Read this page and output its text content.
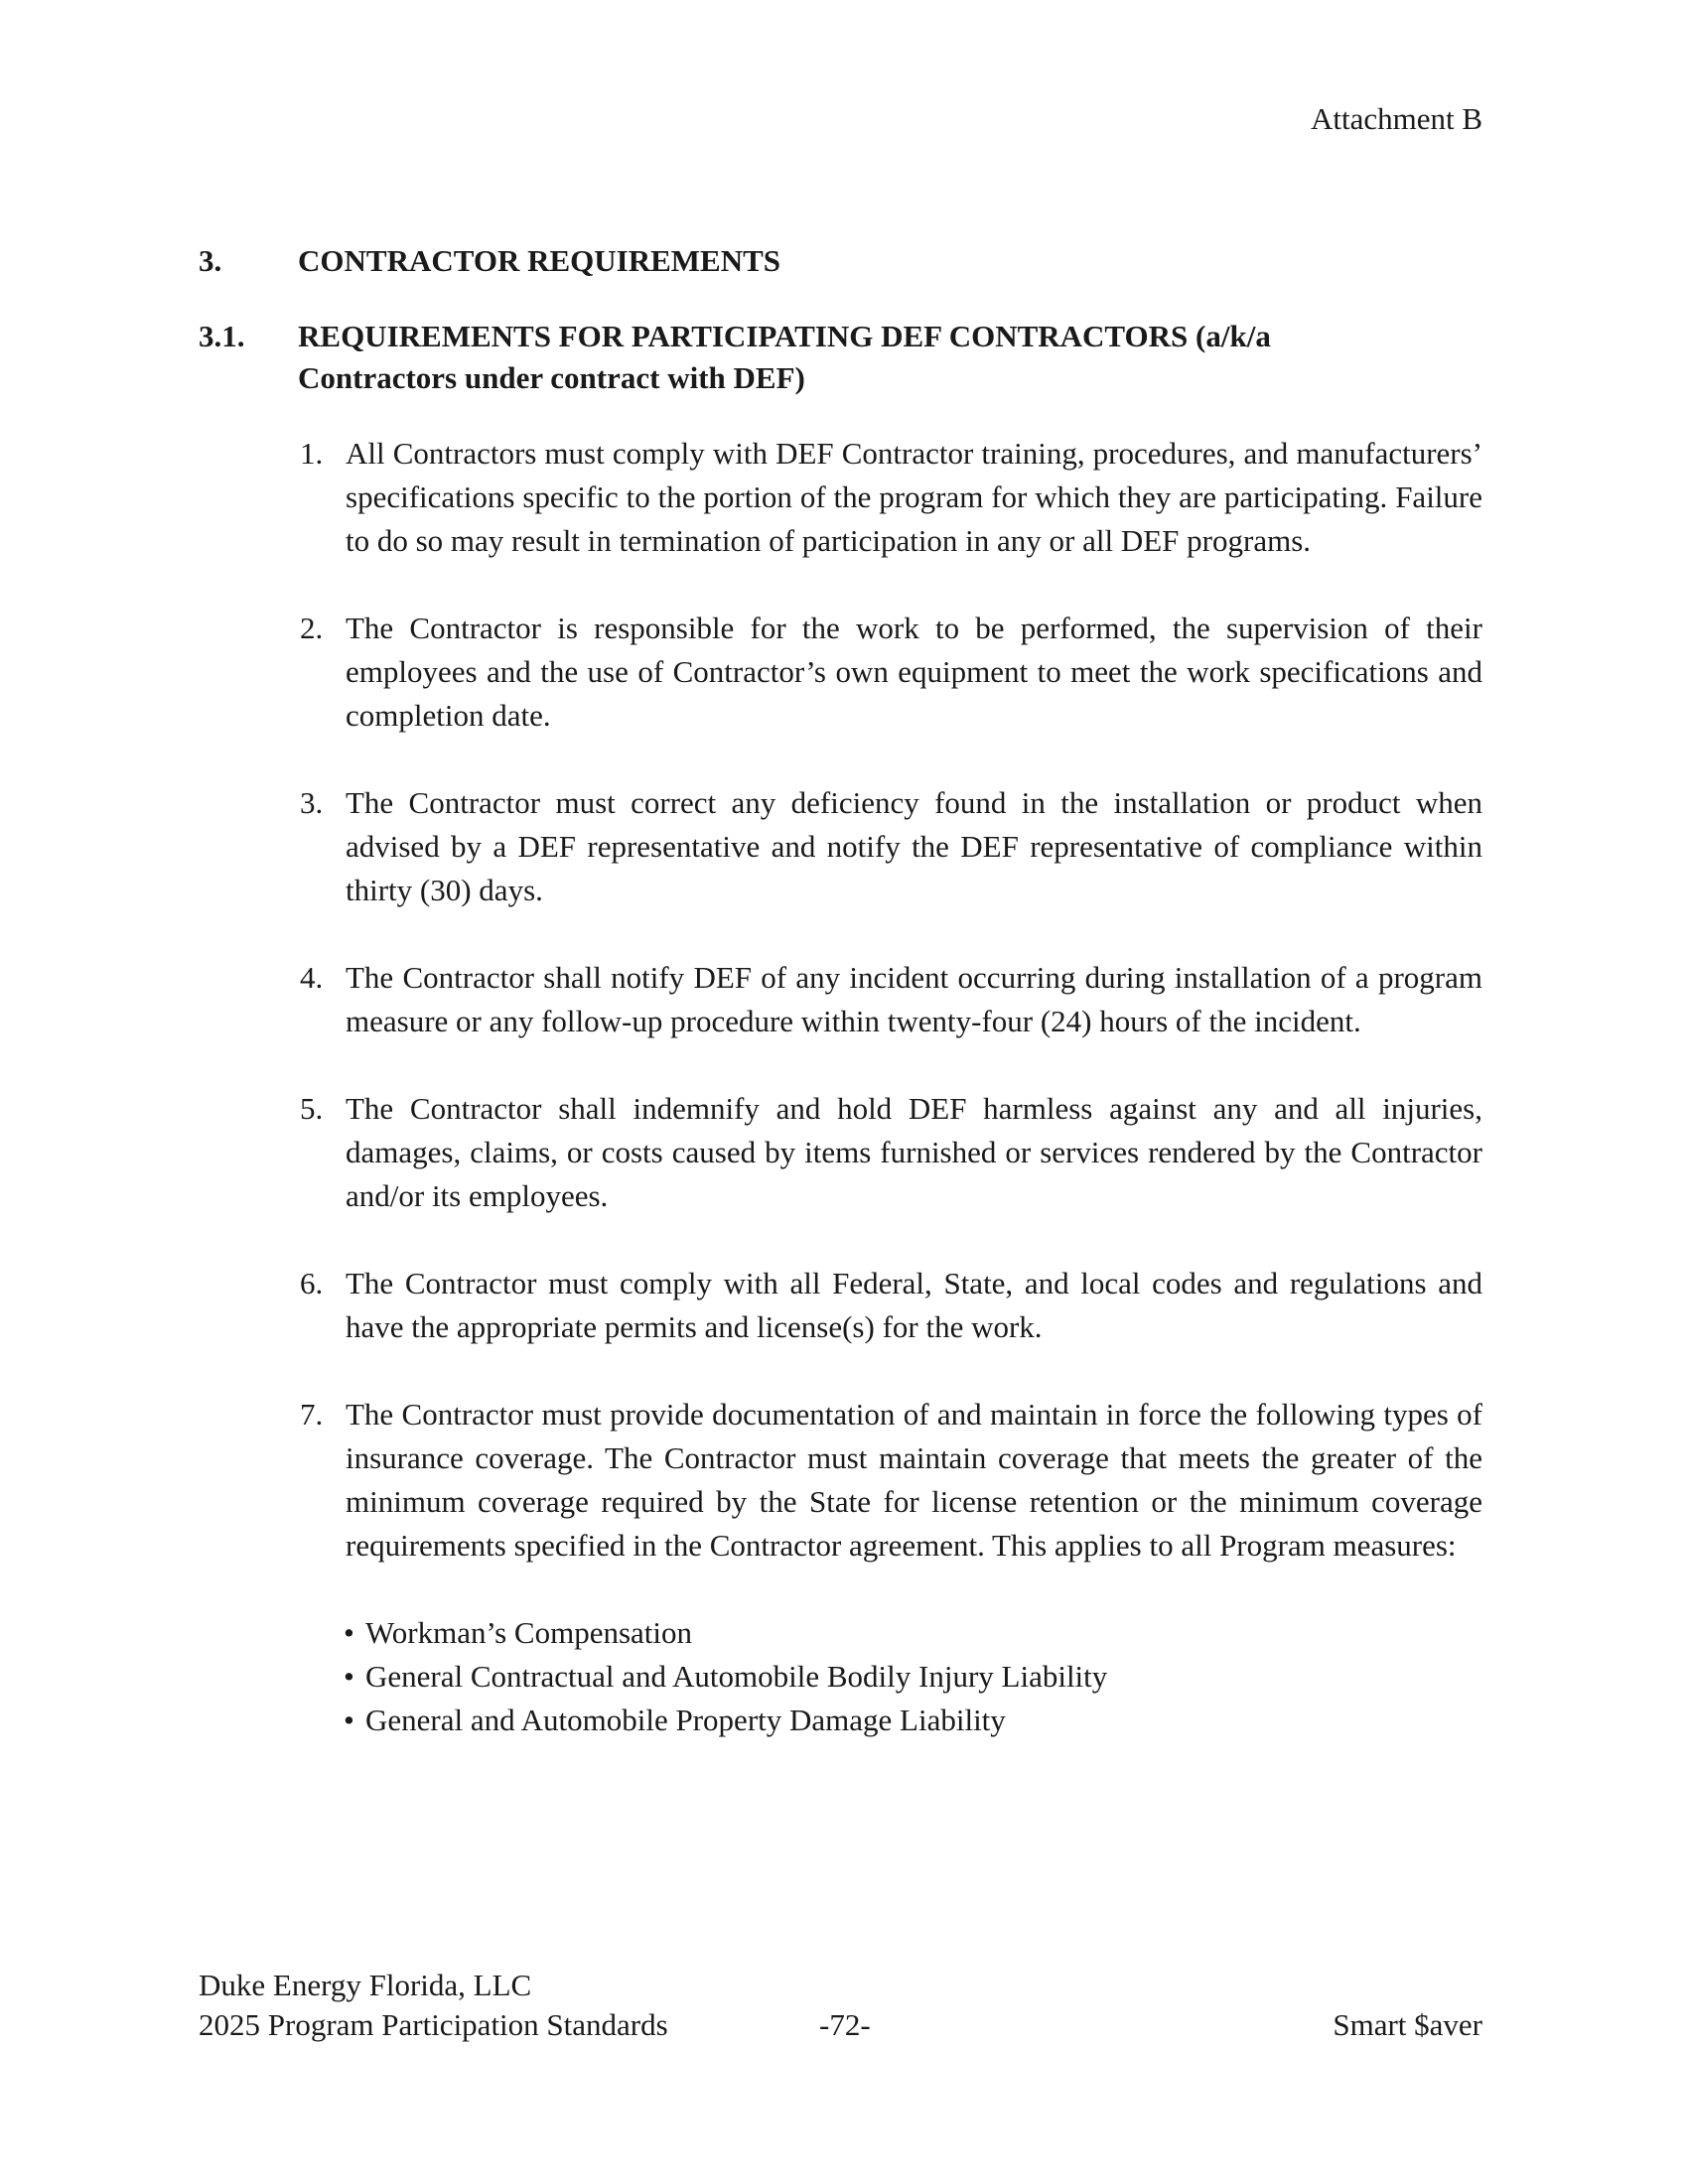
Attachment B
3. CONTRACTOR REQUIREMENTS
3.1. REQUIREMENTS FOR PARTICIPATING DEF CONTRACTORS (a/k/a
Contractors under contract with DEF)
1. All Contractors must comply with DEF Contractor training, procedures, and manufacturers’ specifications specific to the portion of the program for which they are participating. Failure to do so may result in termination of participation in any or all DEF programs.
2. The Contractor is responsible for the work to be performed, the supervision of their employees and the use of Contractor’s own equipment to meet the work specifications and completion date.
3. The Contractor must correct any deficiency found in the installation or product when advised by a DEF representative and notify the DEF representative of compliance within thirty (30) days.
4. The Contractor shall notify DEF of any incident occurring during installation of a program measure or any follow-up procedure within twenty-four (24) hours of the incident.
5. The Contractor shall indemnify and hold DEF harmless against any and all injuries, damages, claims, or costs caused by items furnished or services rendered by the Contractor and/or its employees.
6. The Contractor must comply with all Federal, State, and local codes and regulations and have the appropriate permits and license(s) for the work.
7. The Contractor must provide documentation of and maintain in force the following types of insurance coverage. The Contractor must maintain coverage that meets the greater of the minimum coverage required by the State for license retention or the minimum coverage requirements specified in the Contractor agreement. This applies to all Program measures:
• Workman’s Compensation
• General Contractual and Automobile Bodily Injury Liability
• General and Automobile Property Damage Liability
Duke Energy Florida, LLC
2025 Program Participation Standards	-72-	Smart $aver
